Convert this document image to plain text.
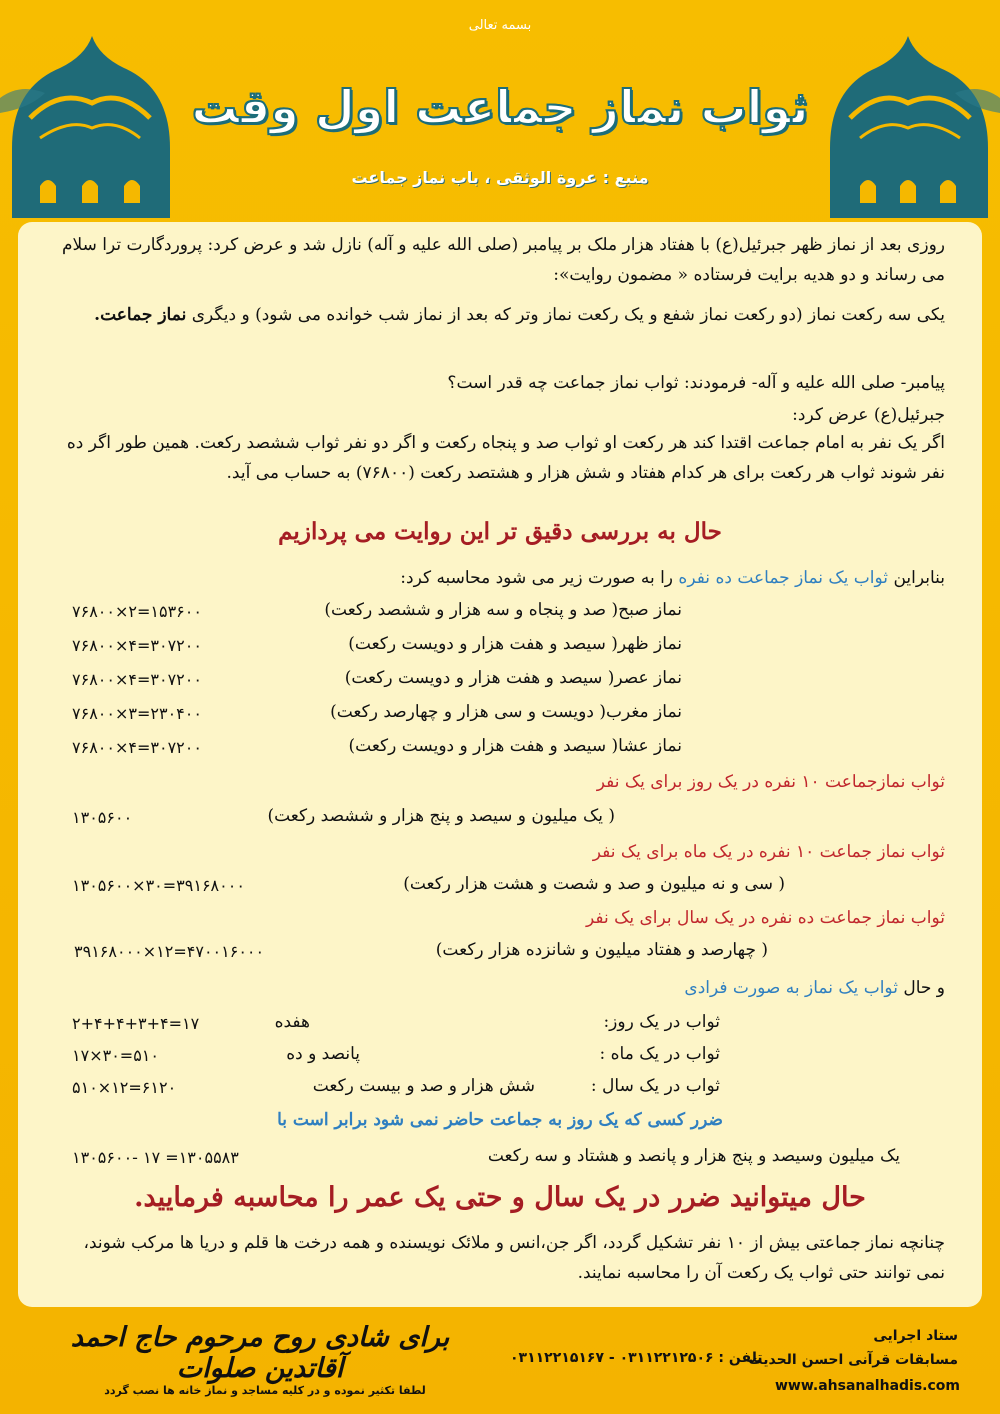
بسمه تعالی
ثواب نماز جماعت اول وقت
منبع : عروة الوثقی ، باب نماز جماعت
روزی بعد از نماز ظهر جبرئیل(ع) با هفتاد هزار ملک بر پیامبر (صلی الله علیه و آله) نازل شد و عرض کرد: پروردگارت ترا سلام می رساند و دو هدیه برایت فرستاده « مضمون روایت»:
یکی سه رکعت نماز (دو رکعت نماز شفع و یک رکعت نماز وتر که بعد از نماز شب خوانده می شود) و دیگری نماز جماعت.
پیامبر- صلی الله علیه و آله- فرمودند: ثواب نماز جماعت چه قدر است؟
جبرئیل(ع) عرض کرد:
اگر یک نفر به امام جماعت اقتدا کند هر رکعت او ثواب صد و پنجاه رکعت و اگر دو نفر ثواب ششصد رکعت. همین طور اگر ده نفر شوند ثواب هر رکعت برای هر کدام هفتاد و شش هزار و هشتصد رکعت (۷۶۸۰۰) به حساب می آید.
حال به بررسی دقیق تر این روایت می پردازیم
بنابراین ثواب یک نماز جماعت ده نفره را به صورت زیر می شود محاسبه کرد:
نماز صبح( صد و پنجاه و سه هزار و ششصد رکعت)
۷۶۸۰۰×۲=۱۵۳۶۰۰
نماز ظهر( سیصد و هفت هزار و دویست رکعت)
۷۶۸۰۰×۴=۳۰۷۲۰۰
نماز عصر( سیصد و هفت هزار و دویست رکعت)
۷۶۸۰۰×۴=۳۰۷۲۰۰
نماز مغرب( دویست و سی هزار و چهارصد رکعت)
۷۶۸۰۰×۳=۲۳۰۴۰۰
نماز عشا( سیصد و هفت هزار و دویست رکعت)
۷۶۸۰۰×۴=۳۰۷۲۰۰
ثواب نمازجماعت ۱۰ نفره در یک روز برای یک نفر
( یک میلیون و سیصد و پنج هزار و ششصد رکعت)
۱۳۰۵۶۰۰
ثواب نماز جماعت ۱۰ نفره در یک ماه برای یک نفر
( سی و نه میلیون و صد و شصت و هشت هزار رکعت)
۱۳۰۵۶۰۰×۳۰=۳۹۱۶۸۰۰۰
ثواب نماز جماعت ده نفره در یک سال برای یک نفر
( چهارصد و هفتاد میلیون و شانزده هزار رکعت)
۳۹۱۶۸۰۰۰×۱۲=۴۷۰۰۱۶۰۰۰
و حال ثواب یک نماز به صورت فرادی
ثواب در یک روز:
هفده
۲+۴+۴+۳+۴=۱۷
ثواب در یک ماه :
پانصد و ده
۱۷×۳۰=۵۱۰
ثواب در یک سال :
شش هزار و صد و بیست رکعت
۵۱۰×۱۲=۶۱۲۰
ضرر کسی که یک روز به جماعت حاضر نمی شود برابر است با
یک میلیون وسیصد و پنج هزار و پانصد و هشتاد و سه رکعت
۱۳۰۵۶۰۰- ۱۷ =۱۳۰۵۵۸۳
حال میتوانید ضرر در یک سال و حتی یک عمر را محاسبه فرمایید.
چنانچه نماز جماعتی بیش از ۱۰ نفر تشکیل گردد، اگر جن،انس و ملائک نویسنده و همه درخت ها قلم و دریا ها مرکب شوند، نمی توانند حتی ثواب یک رکعت آن را محاسبه نمایند.
برای شادی روح مرحوم حاج احمد آقاتدین صلوات
لطفا تکثیر نموده و در کلیه مساجد و نماز خانه ها نصب گردد
ستاد اجرایی
مسابقات قرآنی احسن الحدیث
تلفن : ۰۳۱۱۲۲۱۲۵۰۶ - ۰۳۱۱۲۲۱۵۱۶۷
www.ahsanalhadis.com
